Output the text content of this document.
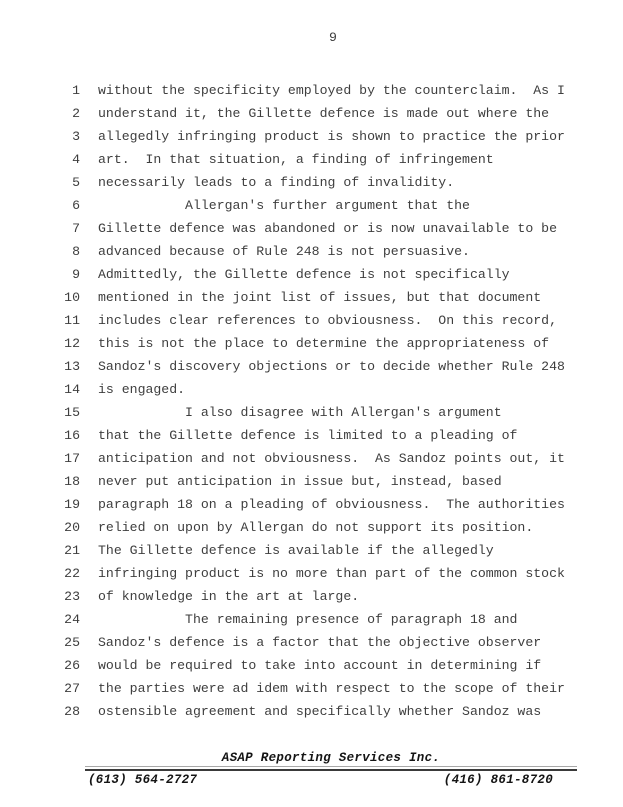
9
1 without the specificity employed by the counterclaim.  As I
2 understand it, the Gillette defence is made out where the
3 allegedly infringing product is shown to practice the prior
4 art.  In that situation, a finding of infringement
5 necessarily leads to a finding of invalidity.
6 Allergan's further argument that the
7 Gillette defence was abandoned or is now unavailable to be
8 advanced because of Rule 248 is not persuasive.
9 Admittedly, the Gillette defence is not specifically
10 mentioned in the joint list of issues, but that document
11 includes clear references to obviousness.  On this record,
12 this is not the place to determine the appropriateness of
13 Sandoz's discovery objections or to decide whether Rule 248
14 is engaged.
15 I also disagree with Allergan's argument
16 that the Gillette defence is limited to a pleading of
17 anticipation and not obviousness.  As Sandoz points out, it
18 never put anticipation in issue but, instead, based
19 paragraph 18 on a pleading of obviousness.  The authorities
20 relied on upon by Allergan do not support its position.
21 The Gillette defence is available if the allegedly
22 infringing product is no more than part of the common stock
23 of knowledge in the art at large.
24 The remaining presence of paragraph 18 and
25 Sandoz's defence is a factor that the objective observer
26 would be required to take into account in determining if
27 the parties were ad idem with respect to the scope of their
28 ostensible agreement and specifically whether Sandoz was
ASAP Reporting Services Inc.
(613) 564-2727	(416) 861-8720
